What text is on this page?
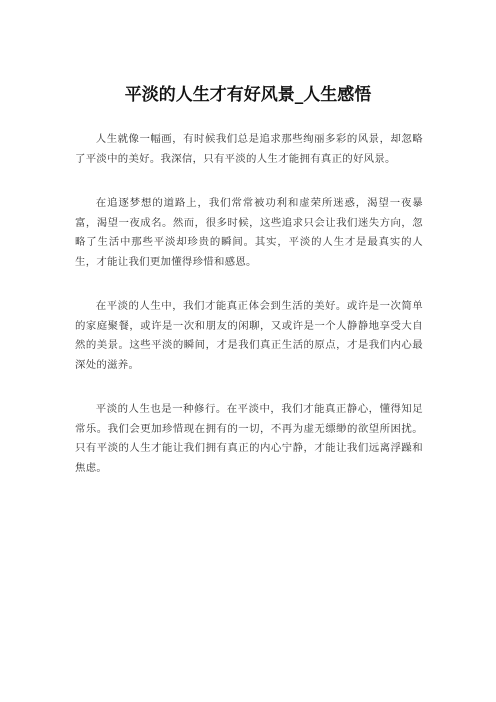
平淡的人生才有好风景_人生感悟

人生就像一幅画，有时候我们总是追求那些绚丽多彩的风景，却忽略了平淡中的美好。我深信，只有平淡的人生才能拥有真正的好风景。

在追逐梦想的道路上，我们常常被功利和虚荣所迷惑，渴望一夜暴富，渴望一夜成名。然而，很多时候，这些追求只会让我们迷失方向，忽略了生活中那些平淡却珍贵的瞬间。其实，平淡的人生才是最真实的人生，才能让我们更加懂得珍惜和感恩。

在平淡的人生中，我们才能真正体会到生活的美好。或许是一次简单的家庭聚餐，或许是一次和朋友的闲聊，又或许是一个人静静地享受大自然的美景。这些平淡的瞬间，才是我们真正生活的原点，才是我们内心最深处的滋养。

平淡的人生也是一种修行。在平淡中，我们才能真正静心，懂得知足常乐。我们会更加珍惜现在拥有的一切，不再为虚无缥缈的欲望所困扰。只有平淡的人生才能让我们拥有真正的内心宁静，才能让我们远离浮躁和焦虑。
